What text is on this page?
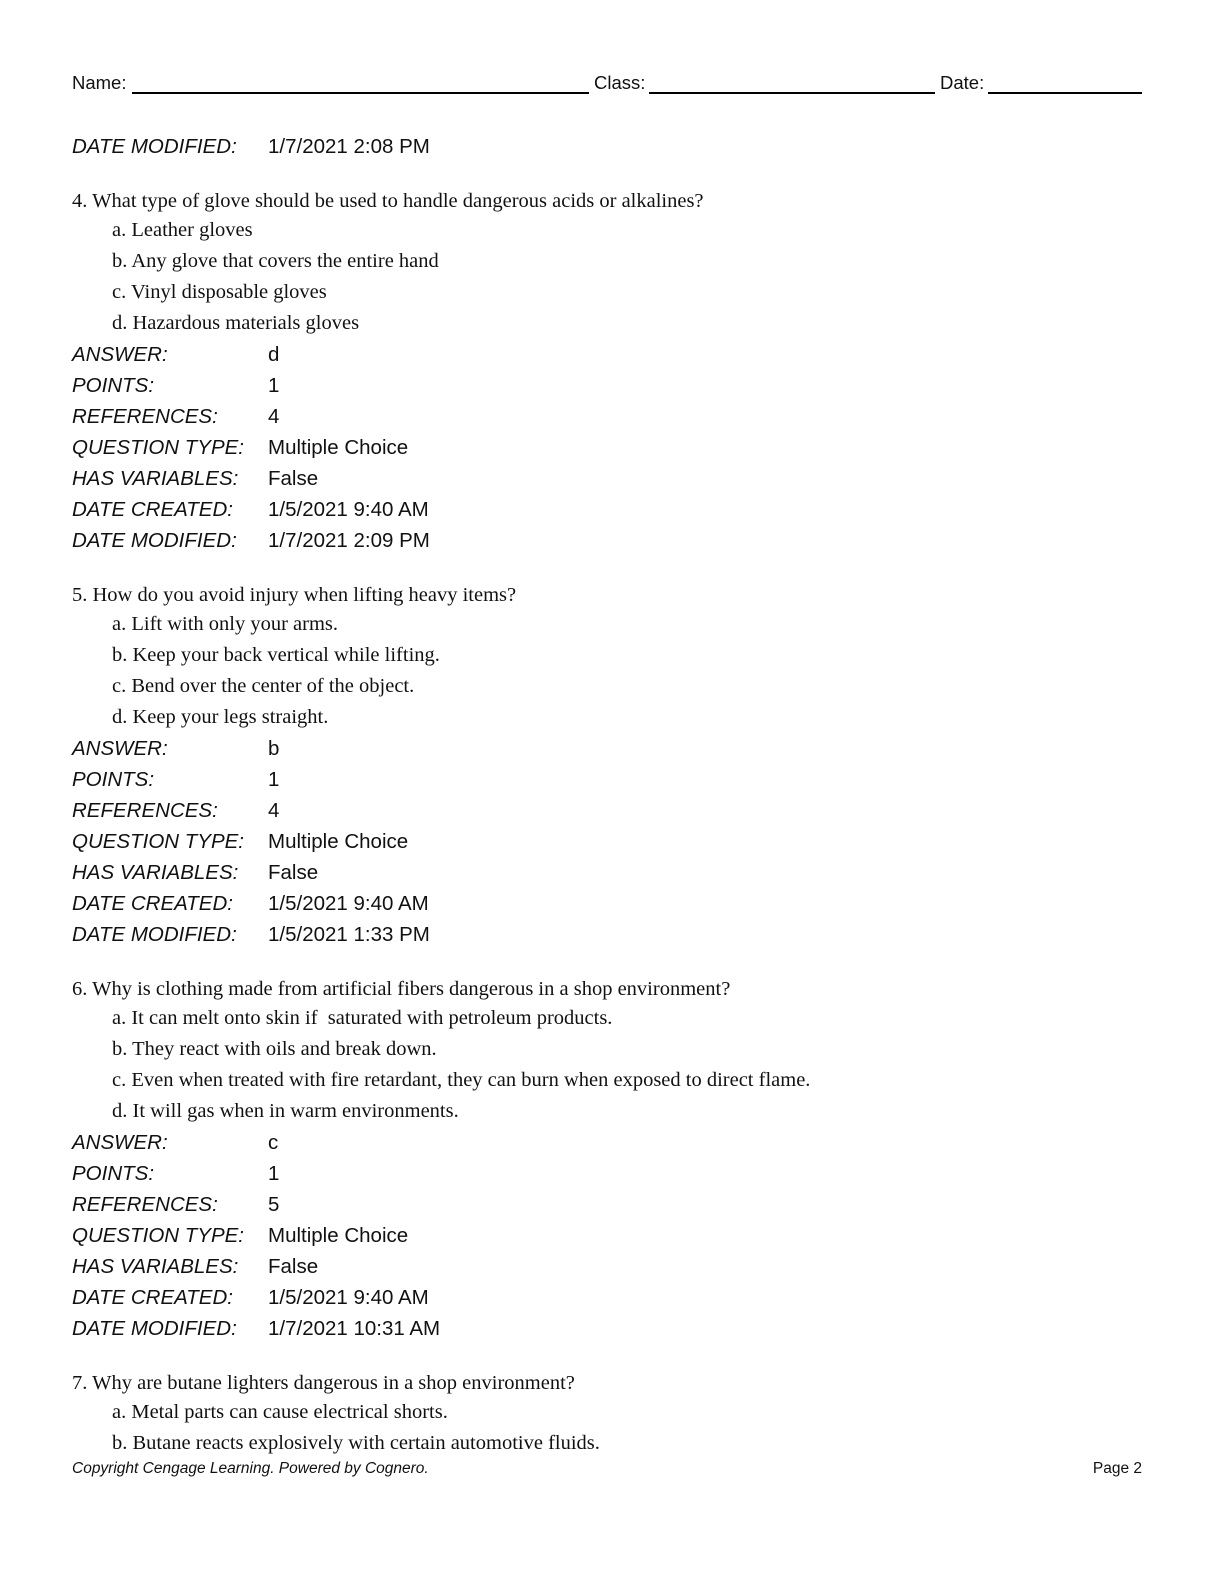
Name:	Class:	Date:
DATE MODIFIED: 1/7/2021 2:08 PM
4. What type of glove should be used to handle dangerous acids or alkalines?
a. Leather gloves
b. Any glove that covers the entire hand
c. Vinyl disposable gloves
d. Hazardous materials gloves
ANSWER:	d
POINTS:	1
REFERENCES: 4
QUESTION TYPE: Multiple Choice
HAS VARIABLES: False
DATE CREATED: 1/5/2021 9:40 AM
DATE MODIFIED: 1/7/2021 2:09 PM
5. How do you avoid injury when lifting heavy items?
a. Lift with only your arms.
b. Keep your back vertical while lifting.
c. Bend over the center of the object.
d. Keep your legs straight.
ANSWER:	b
POINTS:	1
REFERENCES: 4
QUESTION TYPE: Multiple Choice
HAS VARIABLES: False
DATE CREATED: 1/5/2021 9:40 AM
DATE MODIFIED: 1/5/2021 1:33 PM
6. Why is clothing made from artificial fibers dangerous in a shop environment?
a. It can melt onto skin if  saturated with petroleum products.
b. They react with oils and break down.
c. Even when treated with fire retardant, they can burn when exposed to direct flame.
d. It will gas when in warm environments.
ANSWER:	c
POINTS:	1
REFERENCES: 5
QUESTION TYPE: Multiple Choice
HAS VARIABLES: False
DATE CREATED: 1/5/2021 9:40 AM
DATE MODIFIED: 1/7/2021 10:31 AM
7. Why are butane lighters dangerous in a shop environment?
a. Metal parts can cause electrical shorts.
b. Butane reacts explosively with certain automotive fluids.
Copyright Cengage Learning. Powered by Cognero.	Page 2
